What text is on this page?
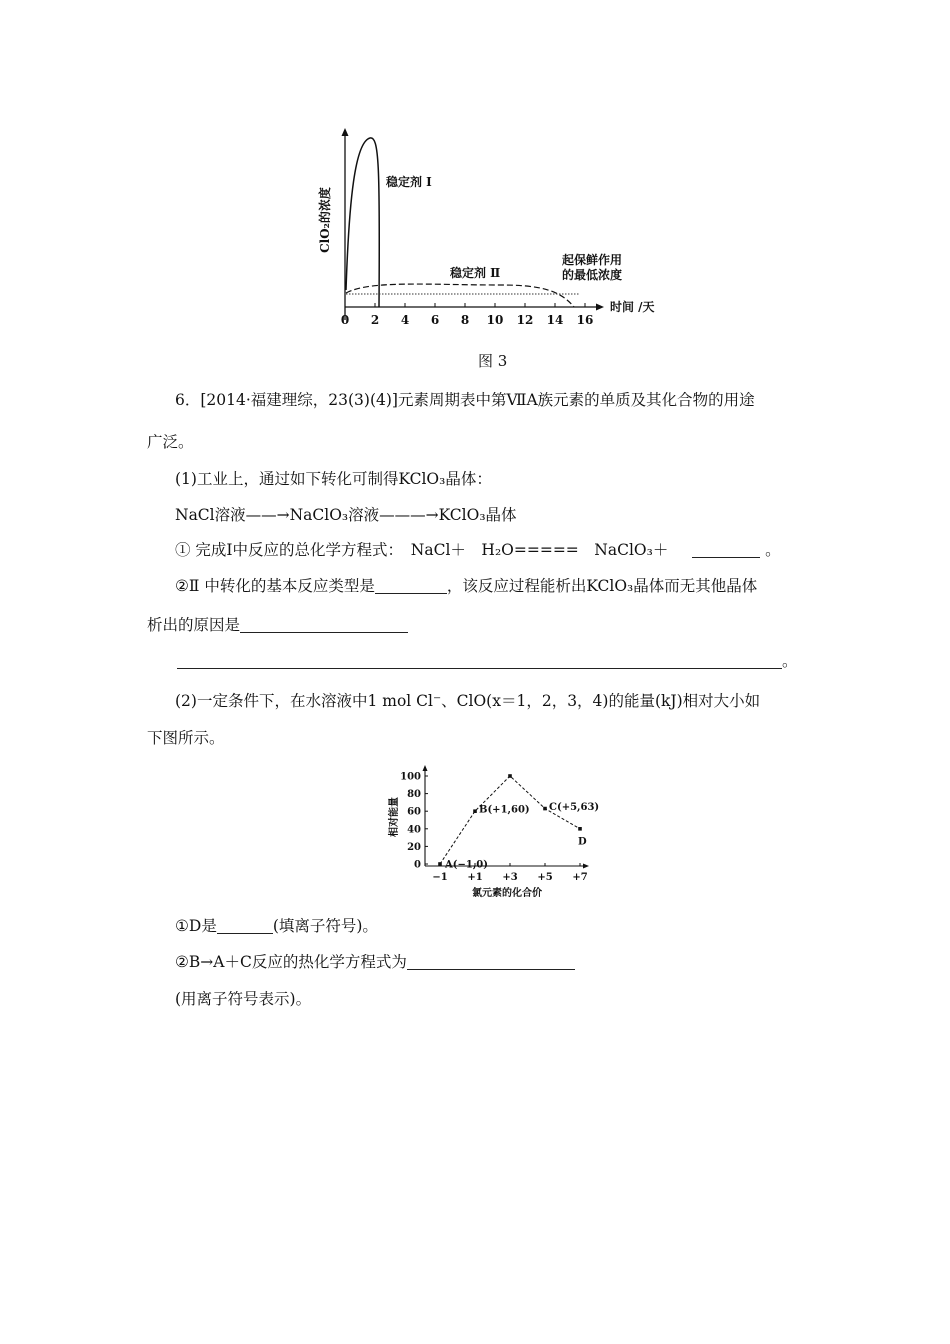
0 2 4 6 8 10 12 14 16
ClO₂的浓度
时间 /天
稳定剂 Ⅰ
稳定剂 Ⅱ
起保鲜作用
的最低浓度
图 3
6．[2014·福建理综，23(3)(4)]元素周期表中第ⅦA族元素的单质及其化合物的用途
广泛。
(1)工业上，通过如下转化可制得KClO₃晶体：
NaCl溶液——→NaClO₃溶液———→KClO₃晶体
① 完成Ⅰ中反应的总化学方程式：　NaCl＋　H₂O=====　NaClO₃＋	。
②Ⅱ 中转化的基本反应类型是	，该反应过程能析出KClO₃晶体而无其他晶体
析出的原因是
。
(2)一定条件下，在水溶液中1 mol Cl⁻、ClO(x＝1，2，3，4)的能量(kJ)相对大小如
下图所示。
0
20
40
60
80
100
−1 +1 +3 +5 +7
A(−1,0)
B(+1,60) C(+5,63)
D
相对能量
氯元素的化合价
①D是	(填离子符号)。
②B→A＋C反应的热化学方程式为
(用离子符号表示)。
